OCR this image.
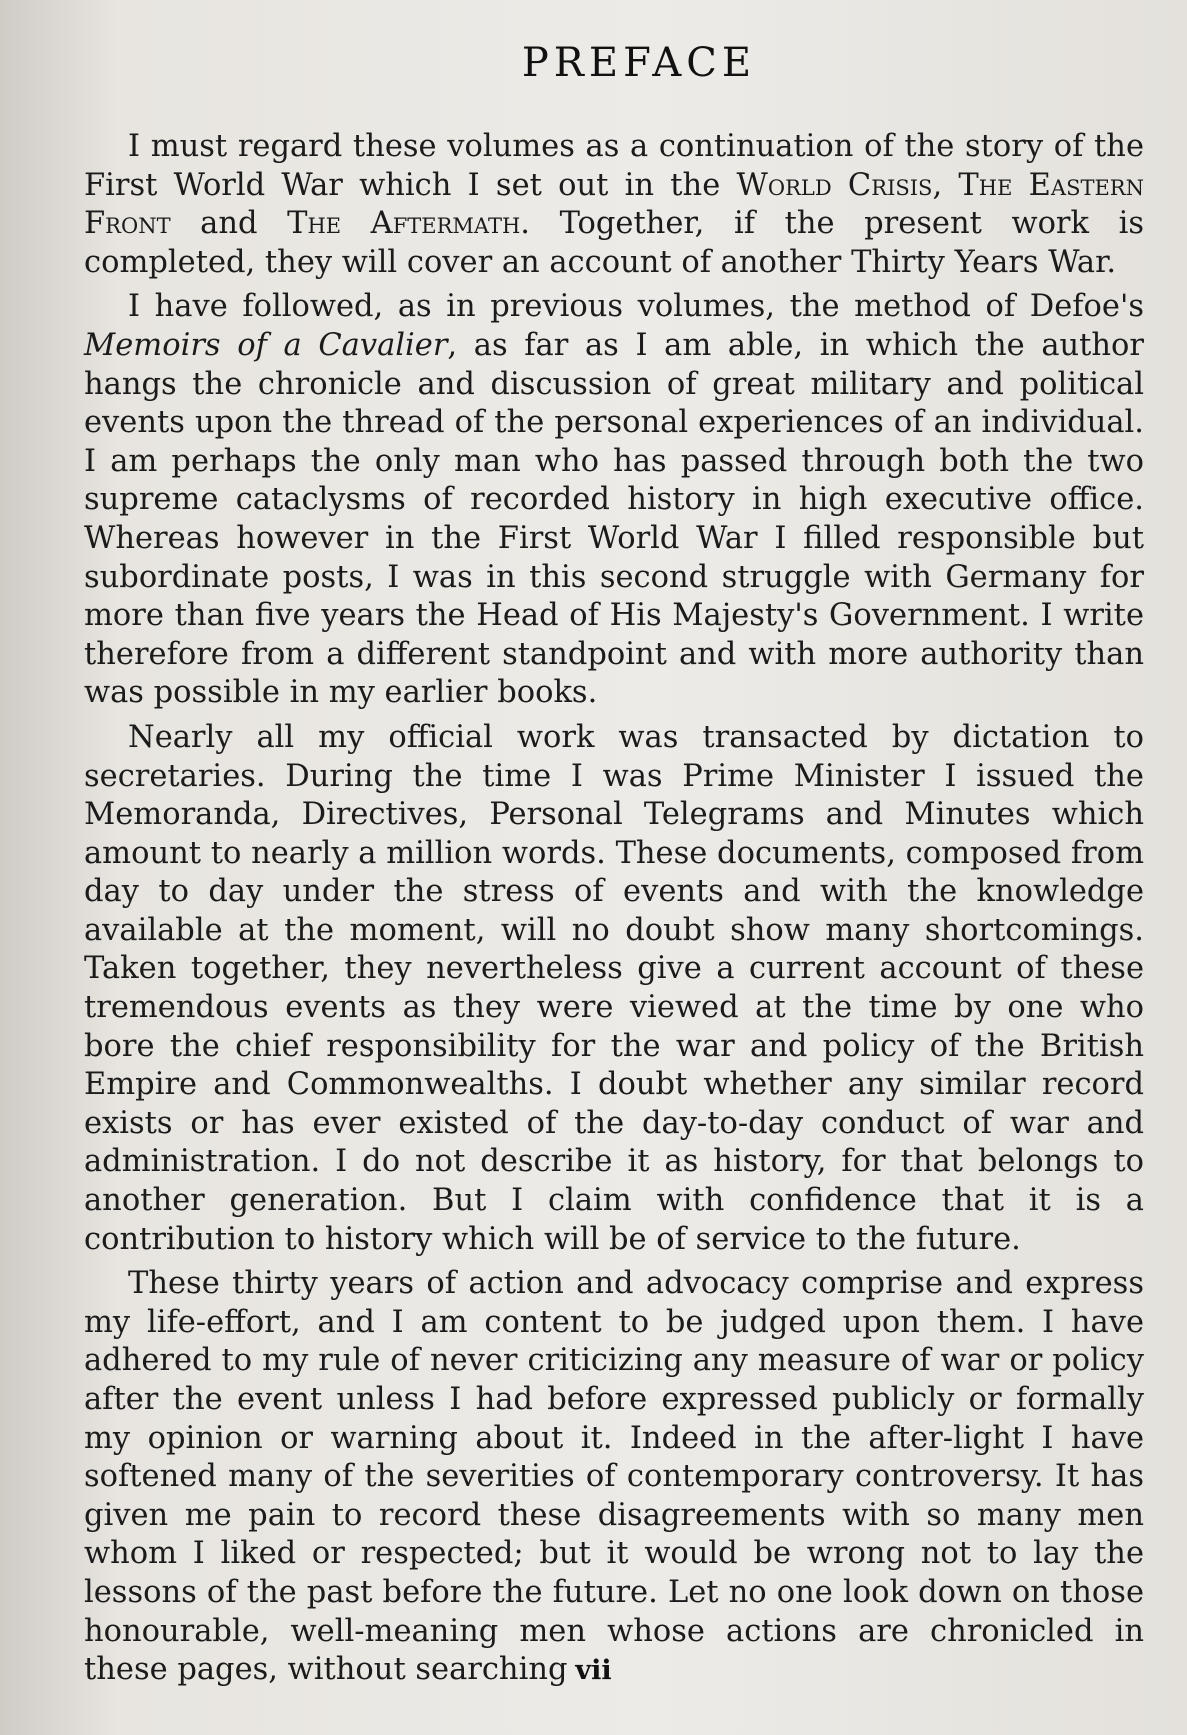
PREFACE

I must regard these volumes as a continuation of the story of the First World War which I set out in the World Crisis, The Eastern Front and The Aftermath. Together, if the present work is completed, they will cover an account of another Thirty Years War.

I have followed, as in previous volumes, the method of Defoe's Memoirs of a Cavalier, as far as I am able, in which the author hangs the chronicle and discussion of great military and political events upon the thread of the personal experiences of an individual. I am perhaps the only man who has passed through both the two supreme cataclysms of recorded history in high executive office. Whereas however in the First World War I filled responsible but subordinate posts, I was in this second struggle with Germany for more than five years the Head of His Majesty's Government. I write therefore from a different standpoint and with more authority than was possible in my earlier books.

Nearly all my official work was transacted by dictation to secretaries. During the time I was Prime Minister I issued the Memoranda, Directives, Personal Telegrams and Minutes which amount to nearly a million words. These documents, composed from day to day under the stress of events and with the knowledge available at the moment, will no doubt show many shortcomings. Taken together, they nevertheless give a current account of these tremendous events as they were viewed at the time by one who bore the chief responsibility for the war and policy of the British Empire and Commonwealths. I doubt whether any similar record exists or has ever existed of the day-to-day conduct of war and administration. I do not describe it as history, for that belongs to another generation. But I claim with confidence that it is a contribution to history which will be of service to the future.

These thirty years of action and advocacy comprise and express my life-effort, and I am content to be judged upon them. I have adhered to my rule of never criticizing any measure of war or policy after the event unless I had before expressed publicly or formally my opinion or warning about it. Indeed in the after-light I have softened many of the severities of contemporary controversy. It has given me pain to record these disagreements with so many men whom I liked or respected; but it would be wrong not to lay the lessons of the past before the future. Let no one look down on those honourable, well-meaning men whose actions are chronicled in these pages, without searching vii
